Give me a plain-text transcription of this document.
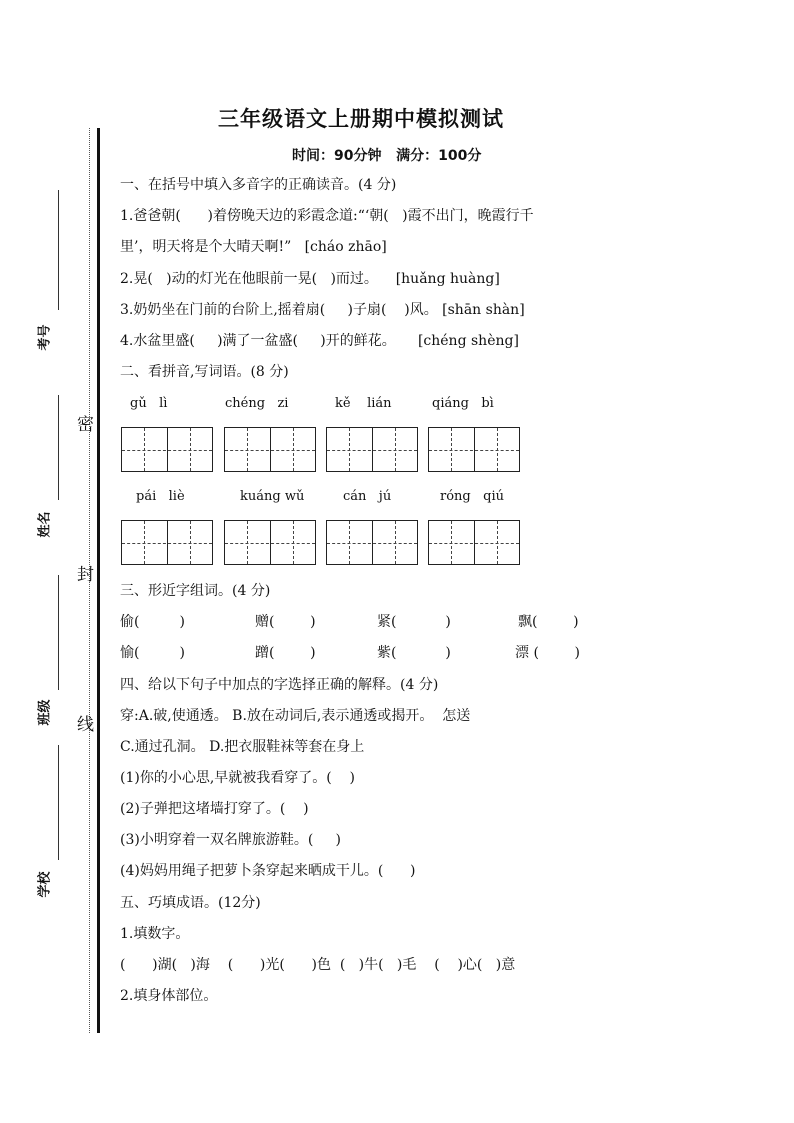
考号
姓名
班级
学校
密
封
线
三年级语文上册期中模拟测试
时间：90分钟   满分：100分
一、在括号中填入多音字的正确读音。(4 分)
1.爸爸朝(      )着傍晚天边的彩霞念道:“‘朝(   )霞不出门，晚霞行千
里’，明天将是个大晴天啊!”   [cháo zhāo]
2.晃(   )动的灯光在他眼前一晃(   )而过。    [huǎng huàng]
3.奶奶坐在门前的台阶上,摇着扇(     )子扇(    )风。 [shān shàn]
4.水盆里盛(     )满了一盆盛(     )开的鲜花。     [chéng shèng]
二、看拼音,写词语。(8 分)
gǔ   lì	chéng   zi	kě    lián	qiáng   bì
pái   liè	kuáng wǔ	cán   jú	róng   qiú
三、形近字组词。(4 分)
偷(         )	赠(        )	紧(           )	飘(        )
愉(         )	蹭(        )	紫(           )	漂 (        )
四、给以下句子中加点的字选择正确的解释。(4 分)
穿:A.破,使通透。 B.放在动词后,表示通透或揭开。  怎送
C.通过孔洞。 D.把衣服鞋袜等套在身上
(1)你的小心思,早就被我看穿了。(    )
(2)子弹把这堵墙打穿了。(    )
(3)小明穿着一双名牌旅游鞋。(     )
(4)妈妈用绳子把萝卜条穿起来晒成干儿。(      )
五、巧填成语。(12分)
1.填数字。
(      )湖(   )海    (      )光(      )色  (   )牛(   )毛    (    )心(   )意
2.填身体部位。
